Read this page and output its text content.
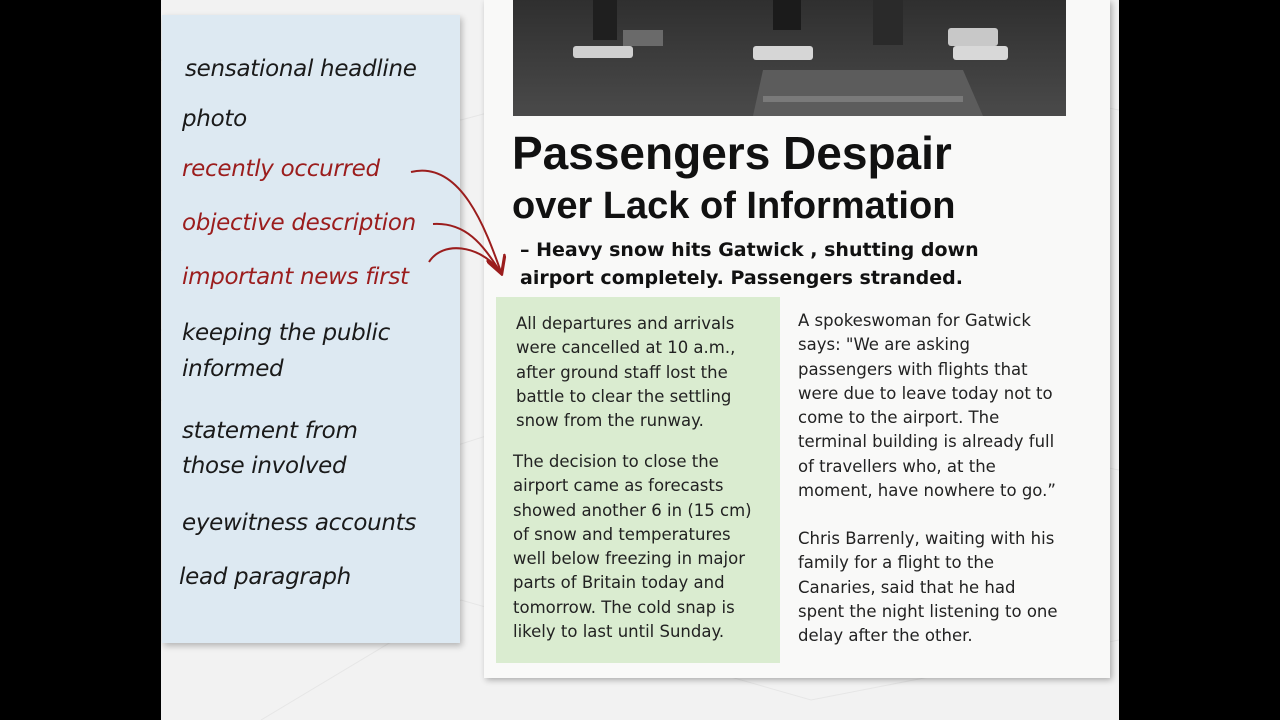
sensational headline
photo
recently occurred
objective description
important news first
keeping the public
informed
statement from
those involved
eyewitness accounts
lead paragraph
Passengers Despair
over Lack of Information
– Heavy snow hits Gatwick , shutting down
airport completely. Passengers stranded.
All departures and arrivals
were cancelled at 10 a.m.,
after ground staff lost the
battle to clear the settling
snow from the runway.
The decision to close the
airport came as forecasts
showed another 6 in (15 cm)
of snow and temperatures
well below freezing in major
parts of Britain today and
tomorrow. The cold snap is
likely to last until Sunday.
A spokeswoman for Gatwick
says: "We are asking
passengers with flights that
were due to leave today not to
come to the airport. The
terminal building is already full
of travellers who, at the
moment, have nowhere to go.”
Chris Barrenly, waiting with his
family for a flight to the
Canaries, said that he had
spent the night listening to one
delay after the other.
